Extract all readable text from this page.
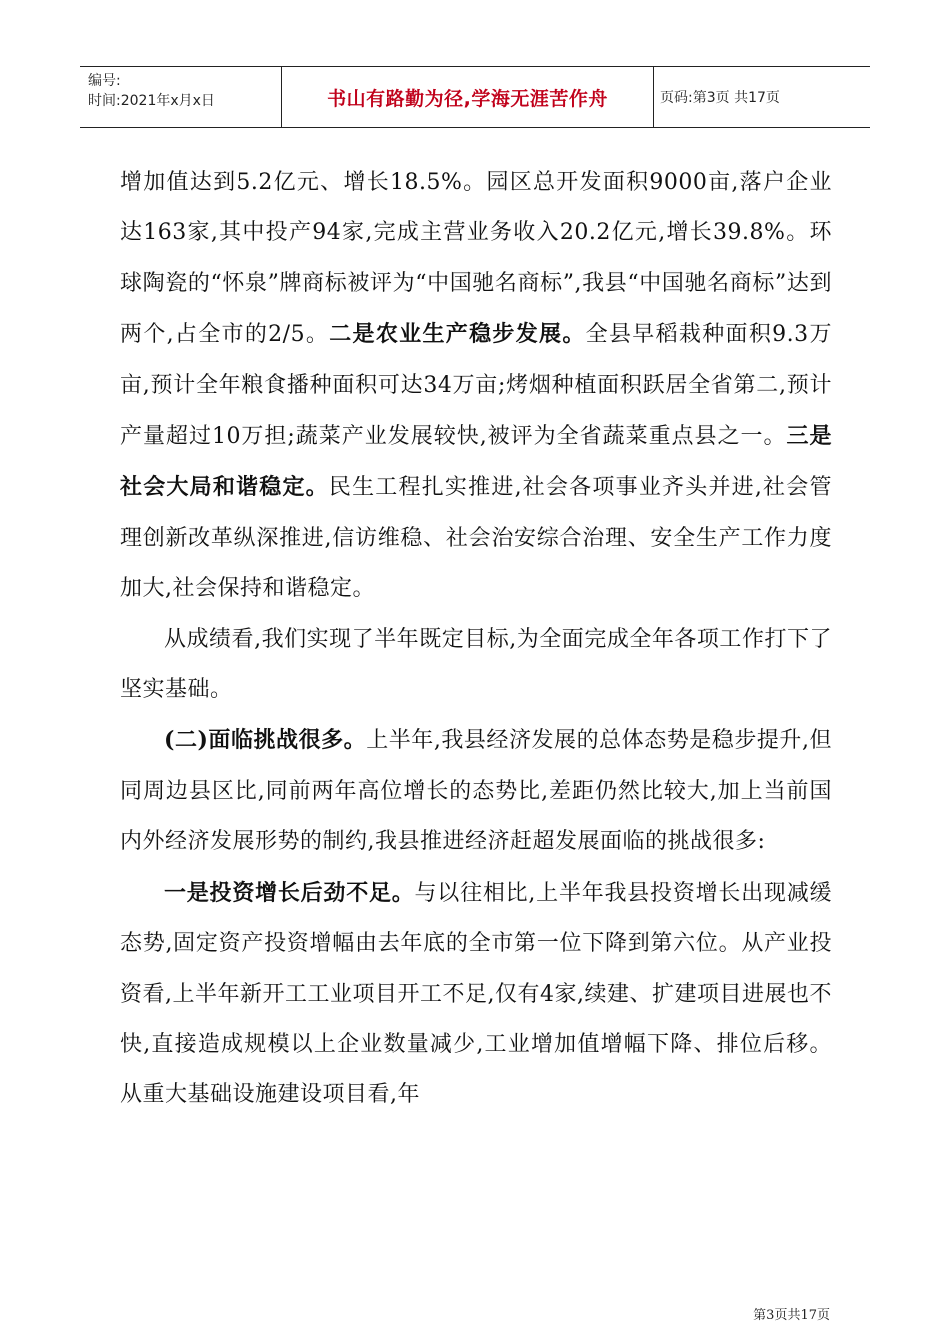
编号:
时间:2021年x月x日	书山有路勤为径,学海无涯苦作舟	页码:第3页 共17页

增加值达到5.2亿元、增长18.5%。园区总开发面积9000亩,落户企业达163家,其中投产94家,完成主营业务收入20.2亿元,增长39.8%。环球陶瓷的“怀泉”牌商标被评为“中国驰名商标”,我县“中国驰名商标”达到两个,占全市的2/5。二是农业生产稳步发展。全县早稻栽种面积9.3万亩,预计全年粮食播种面积可达34万亩;烤烟种植面积跃居全省第二,预计产量超过10万担;蔬菜产业发展较快,被评为全省蔬菜重点县之一。三是社会大局和谐稳定。民生工程扎实推进,社会各项事业齐头并进,社会管理创新改革纵深推进,信访维稳、社会治安综合治理、安全生产工作力度加大,社会保持和谐稳定。

从成绩看,我们实现了半年既定目标,为全面完成全年各项工作打下了坚实基础。

(二)面临挑战很多。上半年,我县经济发展的总体态势是稳步提升,但同周边县区比,同前两年高位增长的态势比,差距仍然比较大,加上当前国内外经济发展形势的制约,我县推进经济赶超发展面临的挑战很多:

一是投资增长后劲不足。与以往相比,上半年我县投资增长出现减缓态势,固定资产投资增幅由去年底的全市第一位下降到第六位。从产业投资看,上半年新开工工业项目开工不足,仅有4家,续建、扩建项目进展也不快,直接造成规模以上企业数量减少,工业增加值增幅下降、排位后移。从重大基础设施建设项目看,年

第3页共17页
